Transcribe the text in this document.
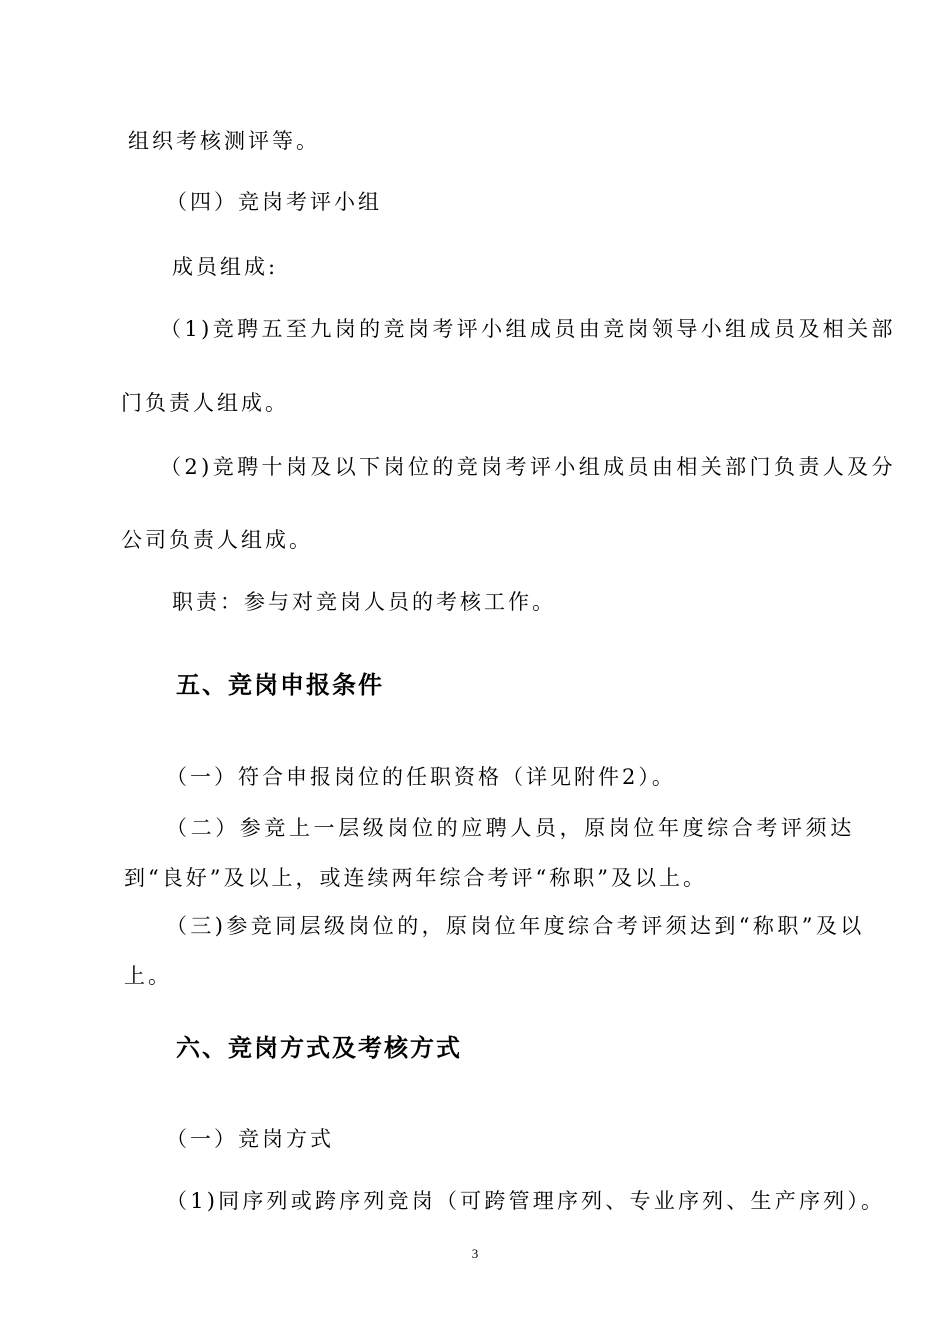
组织考核测评等。
（四）竞岗考评小组
成员组成:
（1)竞聘五至九岗的竞岗考评小组成员由竞岗领导小组成员及相关部
门负责人组成。
（2)竞聘十岗及以下岗位的竞岗考评小组成员由相关部门负责人及分
公司负责人组成。
职责：参与对竞岗人员的考核工作。
五、竞岗申报条件
（一）符合申报岗位的任职资格（详见附件2）。
（二）参竞上一层级岗位的应聘人员，原岗位年度综合考评须达
到“良好”及以上，或连续两年综合考评“称职”及以上。
（三)参竞同层级岗位的，原岗位年度综合考评须达到“称职”及以
上。
六、竞岗方式及考核方式
（一）竞岗方式
（1)同序列或跨序列竞岗（可跨管理序列、专业序列、生产序列）。
3
